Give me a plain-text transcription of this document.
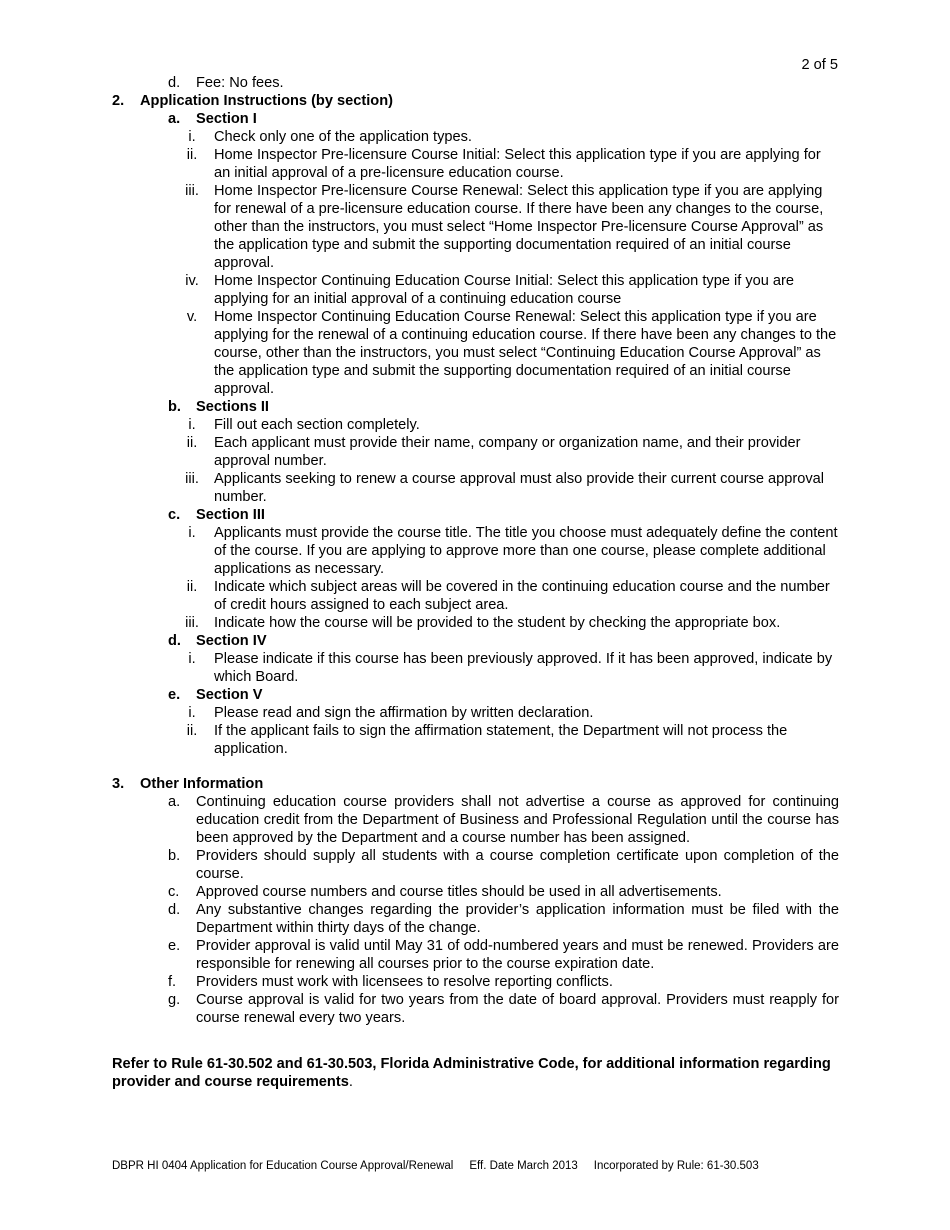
2 of 5
d.	Fee: No fees.
2.	Application Instructions (by section)
a.	Section I
i.	Check only one of the application types.
ii.	Home Inspector Pre-licensure Course Initial: Select this application type if you are applying for an initial approval of a pre-licensure education course.
iii.	Home Inspector Pre-licensure Course Renewal: Select this application type if you are applying for renewal of a pre-licensure education course. If there have been any changes to the course, other than the instructors, you must select “Home Inspector Pre-licensure Course Approval” as the application type and submit the supporting documentation required of an initial course approval.
iv.	Home Inspector Continuing Education Course Initial: Select this application type if you are applying for an initial approval of a continuing education course
v.	Home Inspector Continuing Education Course Renewal: Select this application type if you are applying for the renewal of a continuing education course. If there have been any changes to the course, other than the instructors, you must select “Continuing Education Course Approval” as the application type and submit the supporting documentation required of an initial course approval.
b.	Sections II
i.	Fill out each section completely.
ii.	Each applicant must provide their name, company or organization name, and their provider approval number.
iii.	Applicants seeking to renew a course approval must also provide their current course approval number.
c.	Section III
i.	Applicants must provide the course title. The title you choose must adequately define the content of the course. If you are applying to approve more than one course, please complete additional applications as necessary.
ii.	Indicate which subject areas will be covered in the continuing education course and the number of credit hours assigned to each subject area.
iii.	Indicate how the course will be provided to the student by checking the appropriate box.
d.	Section IV
i.	Please indicate if this course has been previously approved. If it has been approved, indicate by which Board.
e.	Section V
i.	Please read and sign the affirmation by written declaration.
ii.	If the applicant fails to sign the affirmation statement, the Department will not process the application.
3.	Other Information
a.	Continuing education course providers shall not advertise a course as approved for continuing education credit from the Department of Business and Professional Regulation until the course has been approved by the Department and a course number has been assigned.
b.	Providers should supply all students with a course completion certificate upon completion of the course.
c.	Approved course numbers and course titles should be used in all advertisements.
d.	Any substantive changes regarding the provider’s application information must be filed with the Department within thirty days of the change.
e.	Provider approval is valid until May 31 of odd-numbered years and must be renewed. Providers are responsible for renewing all courses prior to the course expiration date.
f.	Providers must work with licensees to resolve reporting conflicts.
g.	Course approval is valid for two years from the date of board approval. Providers must reapply for course renewal every two years.
Refer to Rule 61-30.502 and 61-30.503, Florida Administrative Code, for additional information regarding provider and course requirements.
DBPR HI 0404 Application for Education Course Approval/Renewal     Eff. Date March 2013     Incorporated by Rule: 61-30.503
